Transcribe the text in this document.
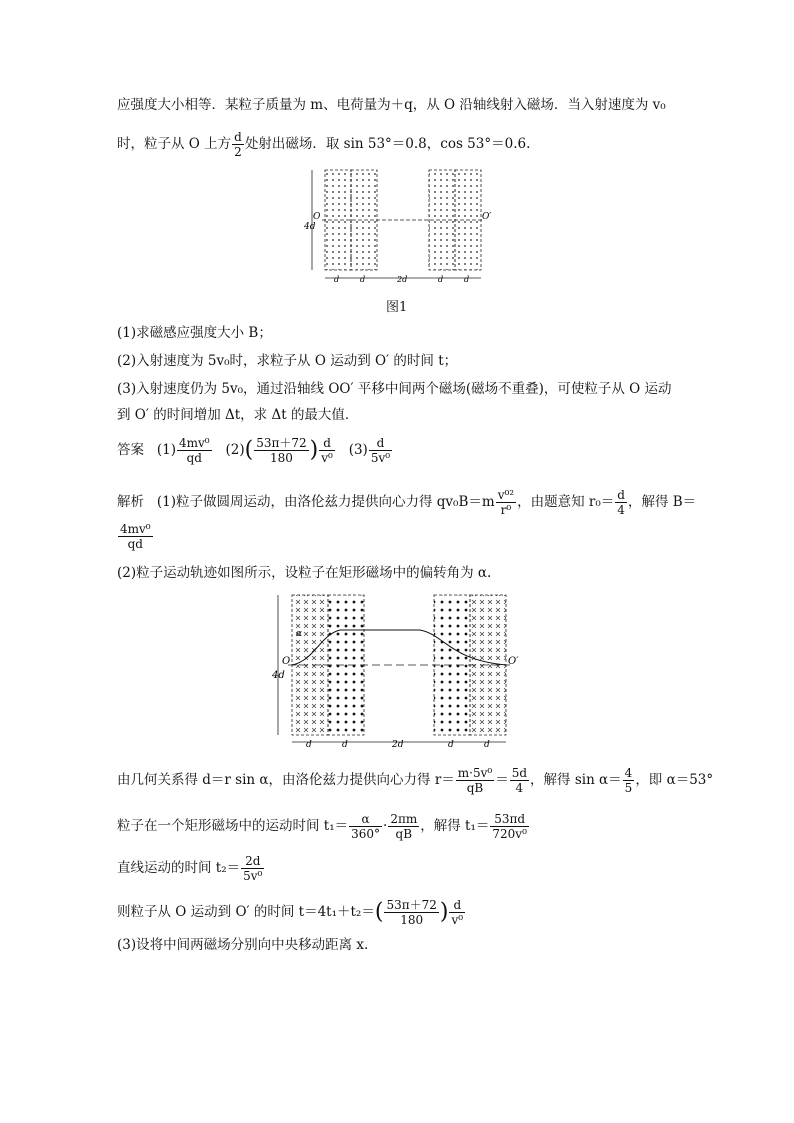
应强度大小相等．某粒子质量为 m、电荷量为＋q，从 O 沿轴线射入磁场．当入射速度为 v₀
时，粒子从 O 上方 $\frac{d}{2}$ 处射出磁场．取 sin 53°＝0.8，cos 53°＝0.6.
4d
O	O′
d	d	2d	d	d
图1
(1)求磁感应强度大小 B；
(2)入射速度为 5v₀时，求粒子从 O 运动到 O′ 的时间 t；
(3)入射速度仍为 5v₀，通过沿轴线 OO′ 平移中间两个磁场(磁场不重叠)，可使粒子从 O 运动
到 O′ 的时间增加 Δt，求 Δt 的最大值．
答案 $(1) \frac{\text{4mv⁰}}{qd} (2)( \frac{53\pi+72}{180}$ ) $\frac{d}{\text{v⁰}} (3) \frac{d}{\text{5v⁰}}$
解析 (1)粒子做圆周运动，由洛伦兹力提供向心力得 $qv_0B=m \frac{\text{v⁰²}}{\text{r⁰}}$ ，由题意知 $r_0= \frac{d}{4}$ ，解得 B＝
$\frac{\text{4mv⁰}}{qd}$
(2)粒子运动轨迹如图所示，设粒子在矩形磁场中的偏转角为 α.
4d
O	O′
α
d	d	2d	d	d
由几何关系得 d＝r sin α，由洛伦兹力提供向心力得 $r= \frac{\text{m·5v⁰}}{qB} = \frac{5d}{4}$ ，解得 $\sin \alpha= \frac{4}{5}$ ，即 α＝53°
粒子在一个矩形磁场中的运动时间 $t_1= \frac{\alpha}{360^\circ} \cdot \frac{2\pi m}{qB}$ ，解得 $t_1= \frac{53\pi d}{\text{720v⁰}}$
直线运动的时间 $t_2= \frac{2d}{\text{5v⁰}}$
则粒子从 O 运动到 O′ 的时间 $t=4t_1+t_2=( \frac{53\pi+72}{180}$ ) $\frac{d}{\text{v⁰}}$
(3)设将中间两磁场分别向中央移动距离 x.
